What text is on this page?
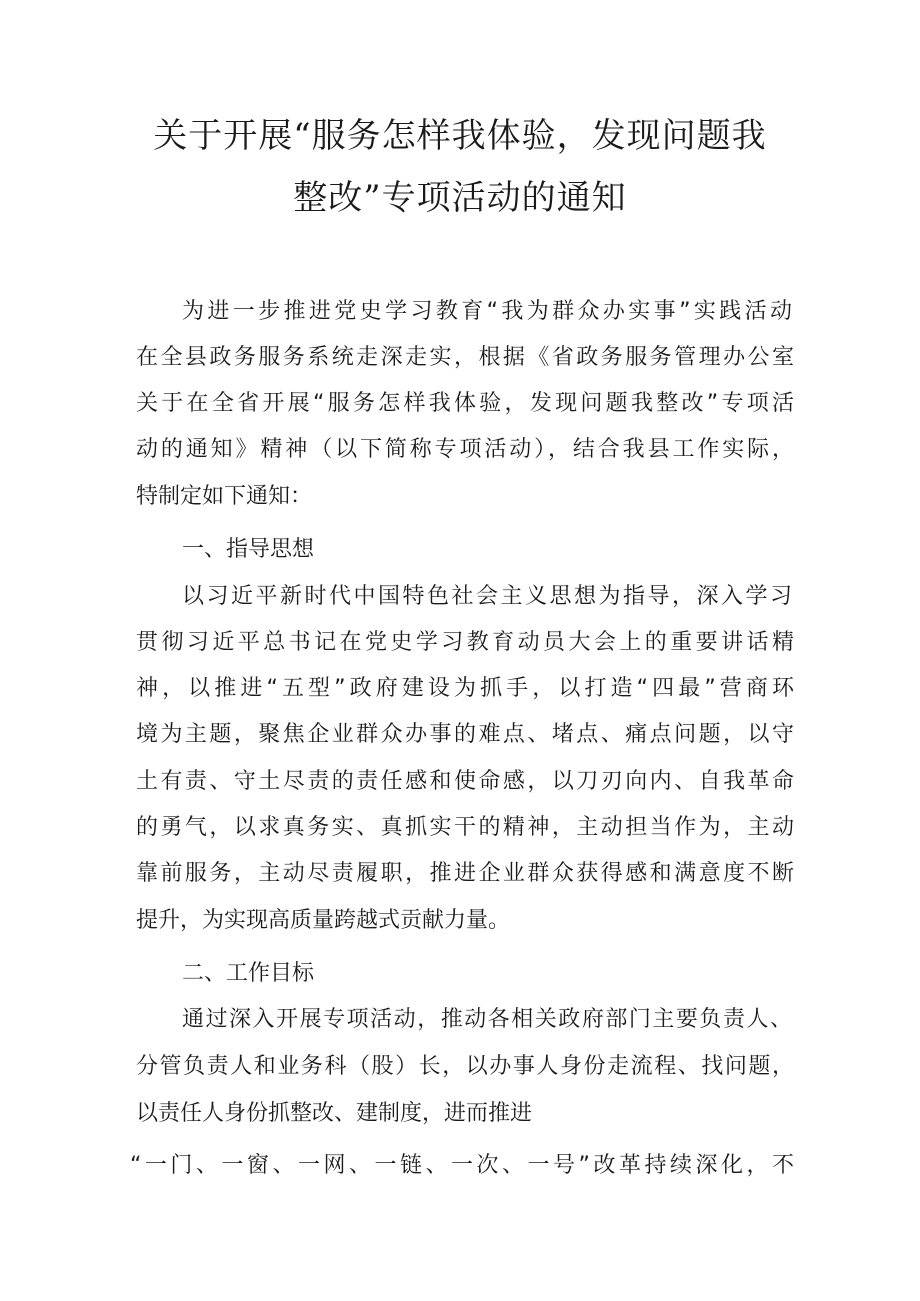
关于开展“服务怎样我体验，发现问题我
整改”专项活动的通知
为进一步推进党史学习教育“我为群众办实事”实践活动
在全县政务服务系统走深走实，根据《省政务服务管理办公室
关于在全省开展“服务怎样我体验，发现问题我整改”专项活
动的通知》精神（以下简称专项活动），结合我县工作实际，
特制定如下通知：
一、指导思想
以习近平新时代中国特色社会主义思想为指导，深入学习
贯彻习近平总书记在党史学习教育动员大会上的重要讲话精
神，以推进“五型”政府建设为抓手，以打造“四最”营商环
境为主题，聚焦企业群众办事的难点、堵点、痛点问题，以守
土有责、守土尽责的责任感和使命感，以刀刃向内、自我革命
的勇气，以求真务实、真抓实干的精神，主动担当作为，主动
靠前服务，主动尽责履职，推进企业群众获得感和满意度不断
提升，为实现高质量跨越式贡献力量。
二、工作目标
通过深入开展专项活动，推动各相关政府部门主要负责人、
分管负责人和业务科（股）长，以办事人身份走流程、找问题，
以责任人身份抓整改、建制度，进而推进
“一门、一窗、一网、一链、一次、一号”改革持续深化，不
